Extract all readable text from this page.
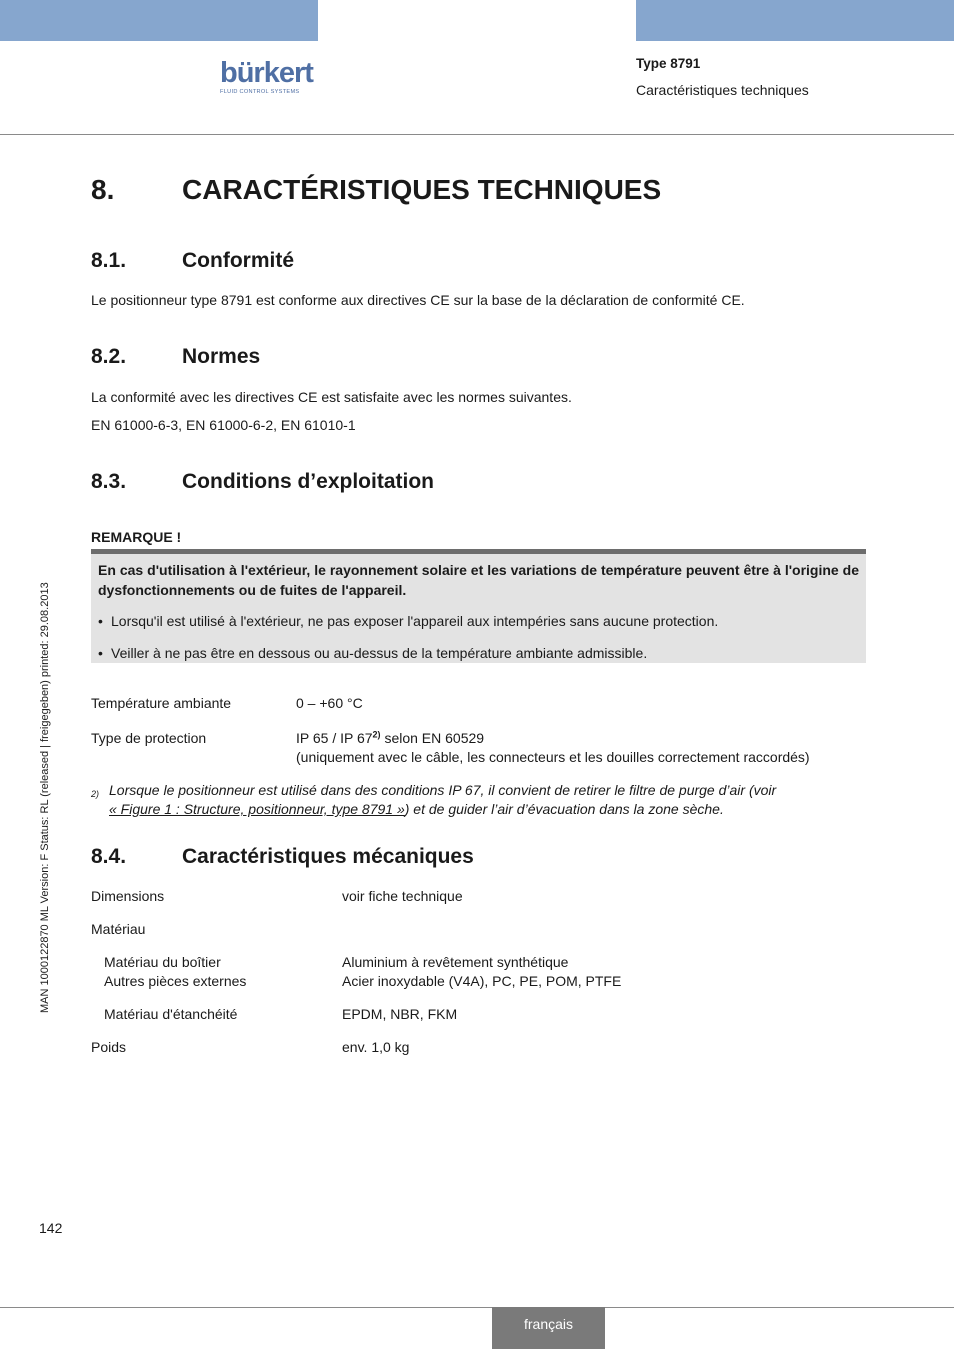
bürkert
FLUID CONTROL SYSTEMS
Type 8791
Caractéristiques techniques
MAN 1000122870 ML Version: F Status: RL (released | freigegeben) printed: 29.08.2013
8. CARACTÉRISTIQUES TECHNIQUES
8.1.	Conformité
Le positionneur type 8791 est conforme aux directives CE sur la base de la déclaration de conformité CE.
8.2.	Normes
La conformité avec les directives CE est satisfaite avec les normes suivantes.
EN 61000-6-3, EN 61000-6-2, EN 61010-1
8.3.	Conditions d’exploitation
REMARQUE !
En cas d'utilisation à l'extérieur, le rayonnement solaire et les variations de température peuvent être à l'origine de dysfonctionnements ou de fuites de l'appareil.
• Lorsqu'il est utilisé à l'extérieur, ne pas exposer l'appareil aux intempéries sans aucune protection.
• Veiller à ne pas être en dessous ou au-dessus de la température ambiante admissible.
Température ambiante	0 – +60 °C
Type de protection	IP 65 / IP 67$^{2)}$ selon EN 60529
(uniquement avec le câble, les connecteurs et les douilles correctement raccordés)
2) Lorsque le positionneur est utilisé dans des conditions IP 67, il convient de retirer le filtre de purge d’air (voir
« Figure 1 : Structure, positionneur, type 8791 ») et de guider l’air d’évacuation dans la zone sèche.
8.4.	Caractéristiques mécaniques
Dimensions	voir fiche technique
Matériau
Matériau du boîtier	Aluminium à revêtement synthétique
Autres pièces externes	Acier inoxydable (V4A), PC, PE, POM, PTFE
Matériau d'étanchéité	EPDM, NBR, FKM
Poids	env. 1,0 kg
142
français
